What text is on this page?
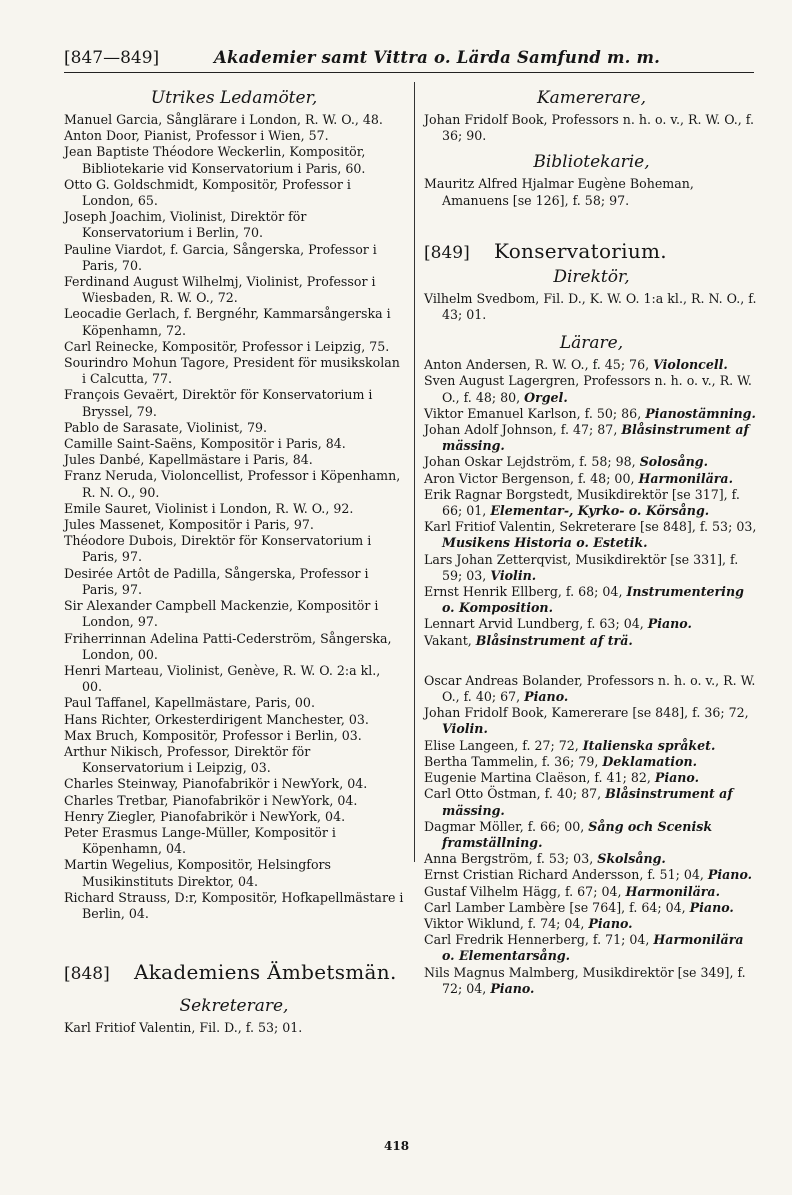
[847—849]	Akademier samt Vittra o. Lärda Samfund m. m.

Utrikes Ledamöter,

Manuel Garcia, Sånglärare i London, R. W. O., 48.

Anton Door, Pianist, Professor i Wien, 57.

Jean Baptiste Théodore Weckerlin, Kompositör, Bibliotekarie vid Konservatorium i Paris, 60.

Otto G. Goldschmidt, Kompositör, Professor i London, 65.

Joseph Joachim, Violinist, Direktör för Konservatorium i Berlin, 70.

Pauline Viardot, f. Garcia, Sångerska, Professor i Paris, 70.

Ferdinand August Wilhelmj, Violinist, Professor i Wiesbaden, R. W. O., 72.

Leocadie Gerlach, f. Bergnéhr, Kammarsångerska i Köpenhamn, 72.

Carl Reinecke, Kompositör, Professor i Leipzig, 75.

Sourindro Mohun Tagore, President för musikskolan i Calcutta, 77.

François Gevaërt, Direktör för Konservatorium i Bryssel, 79.

Pablo de Sarasate, Violinist, 79.

Camille Saint-Saëns, Kompositör i Paris, 84.

Jules Danbé, Kapellmästare i Paris, 84.

Franz Neruda, Violoncellist, Professor i Köpenhamn, R. N. O., 90.

Emile Sauret, Violinist i London, R. W. O., 92.

Jules Massenet, Kompositör i Paris, 97.

Théodore Dubois, Direktör för Konservatorium i Paris, 97.

Desirée Artôt de Padilla, Sångerska, Professor i Paris, 97.

Sir Alexander Campbell Mackenzie, Kompositör i London, 97.

Friherrinnan Adelina Patti-Cederström, Sångerska, London, 00.

Henri Marteau, Violinist, Genève, R. W. O. 2:a kl., 00.

Paul Taffanel, Kapellmästare, Paris, 00.

Hans Richter, Orkesterdirigent Manchester, 03.

Max Bruch, Kompositör, Professor i Berlin, 03.

Arthur Nikisch, Professor, Direktör för Konservatorium i Leipzig, 03.

Charles Steinway, Pianofabrikör i NewYork, 04.

Charles Tretbar, Pianofabrikör i NewYork, 04.

Henry Ziegler, Pianofabrikör i NewYork, 04.

Peter Erasmus Lange-Müller, Kompositör i Köpenhamn, 04.

Martin Wegelius, Kompositör, Helsingfors Musikinstituts Direktor, 04.

Richard Strauss, D:r, Kompositör, Hofkapellmästare i Berlin, 04.

[848]	Akademiens Ämbetsmän.

Sekreterare,

Karl Fritiof Valentin, Fil. D., f. 53; 01.

Kamererare,

Johan Fridolf Book, Professors n. h. o. v., R. W. O., f. 36; 90.

Bibliotekarie,

Mauritz Alfred Hjalmar Eugène Boheman, Amanuens [se 126], f. 58; 97.

[849]	Konservatorium.

Direktör,

Vilhelm Svedbom, Fil. D., K. W. O. 1:a kl., R. N. O., f. 43; 01.

Lärare,

Anton Andersen, R. W. O., f. 45; 76, Violoncell.

Sven August Lagergren, Professors n. h. o. v., R. W. O., f. 48; 80, Orgel.

Viktor Emanuel Karlson, f. 50; 86, Pianostämning.

Johan Adolf Johnson, f. 47; 87, Blåsinstrument af mässing.

Johan Oskar Lejdström, f. 58; 98, Solosång.

Aron Victor Bergenson, f. 48; 00, Harmonilära.

Erik Ragnar Borgstedt, Musikdirektör [se 317], f. 66; 01, Elementar-, Kyrko- o. Körsång.

Karl Fritiof Valentin, Sekreterare [se 848], f. 53; 03, Musikens Historia o. Estetik.

Lars Johan Zetterqvist, Musikdirektör [se 331], f. 59; 03, Violin.

Ernst Henrik Ellberg, f. 68; 04, Instrumentering o. Komposition.

Lennart Arvid Lundberg, f. 63; 04, Piano.

Vakant, Blåsinstrument af trä.

Oscar Andreas Bolander, Professors n. h. o. v., R. W. O., f. 40; 67, Piano.

Johan Fridolf Book, Kamererare [se 848], f. 36; 72, Violin.

Elise Langeen, f. 27; 72, Italienska språket.

Bertha Tammelin, f. 36; 79, Deklamation.

Eugenie Martina Claëson, f. 41; 82, Piano.

Carl Otto Östman, f. 40; 87, Blåsinstrument af mässing.

Dagmar Möller, f. 66; 00, Sång och Scenisk framställning.

Anna Bergström, f. 53; 03, Skolsång.

Ernst Cristian Richard Andersson, f. 51; 04, Piano.

Gustaf Vilhelm Hägg, f. 67; 04, Harmonilära.

Carl Lamber Lambère [se 764], f. 64; 04, Piano.

Viktor Wiklund, f. 74; 04, Piano.

Carl Fredrik Hennerberg, f. 71; 04, Harmonilära o. Elementarsång.

Nils Magnus Malmberg, Musikdirektör [se 349], f. 72; 04, Piano.

418
